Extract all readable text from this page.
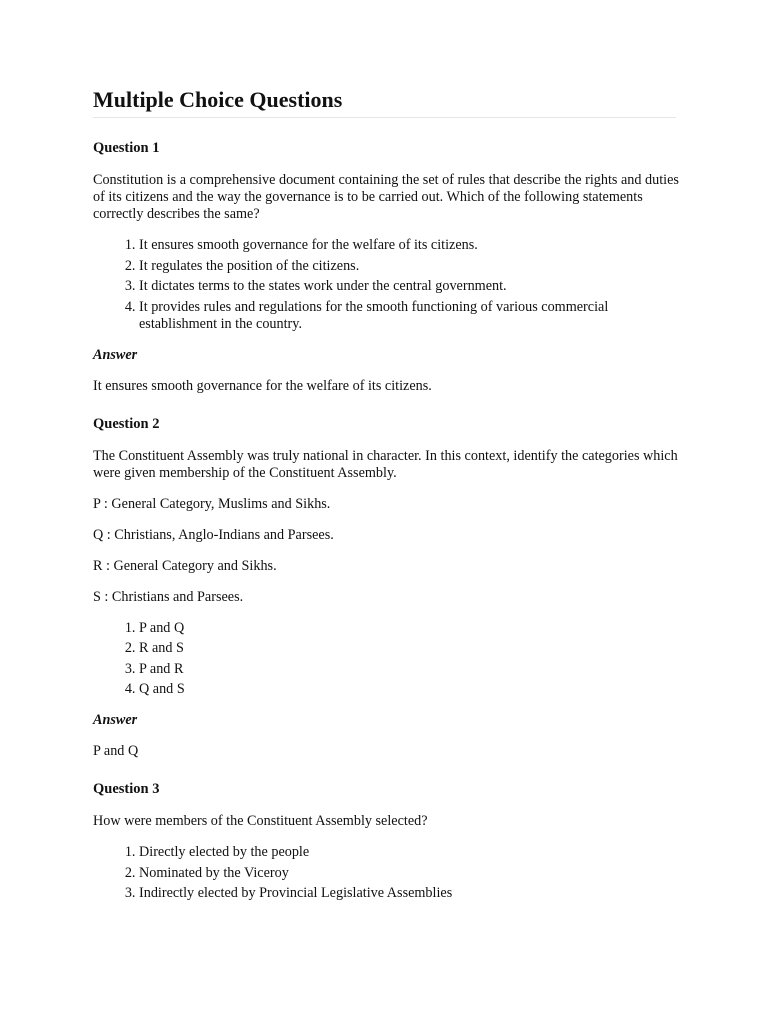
Multiple Choice Questions
Question 1

Constitution is a comprehensive document containing the set of rules that describe the rights and duties of its citizens and the way the governance is to be carried out. Which of the following statements correctly describes the same?

1. It ensures smooth governance for the welfare of its citizens.
2. It regulates the position of the citizens.
3. It dictates terms to the states work under the central government.
4. It provides rules and regulations for the smooth functioning of various commercial establishment in the country.

Answer

It ensures smooth governance for the welfare of its citizens.

Question 2

The Constituent Assembly was truly national in character. In this context, identify the categories which were given membership of the Constituent Assembly.

P : General Category, Muslims and Sikhs.

Q : Christians, Anglo-Indians and Parsees.

R : General Category and Sikhs.

S : Christians and Parsees.

1. P and Q
2. R and S
3. P and R
4. Q and S

Answer

P and Q

Question 3

How were members of the Constituent Assembly selected?

1. Directly elected by the people
2. Nominated by the Viceroy
3. Indirectly elected by Provincial Legislative Assemblies
